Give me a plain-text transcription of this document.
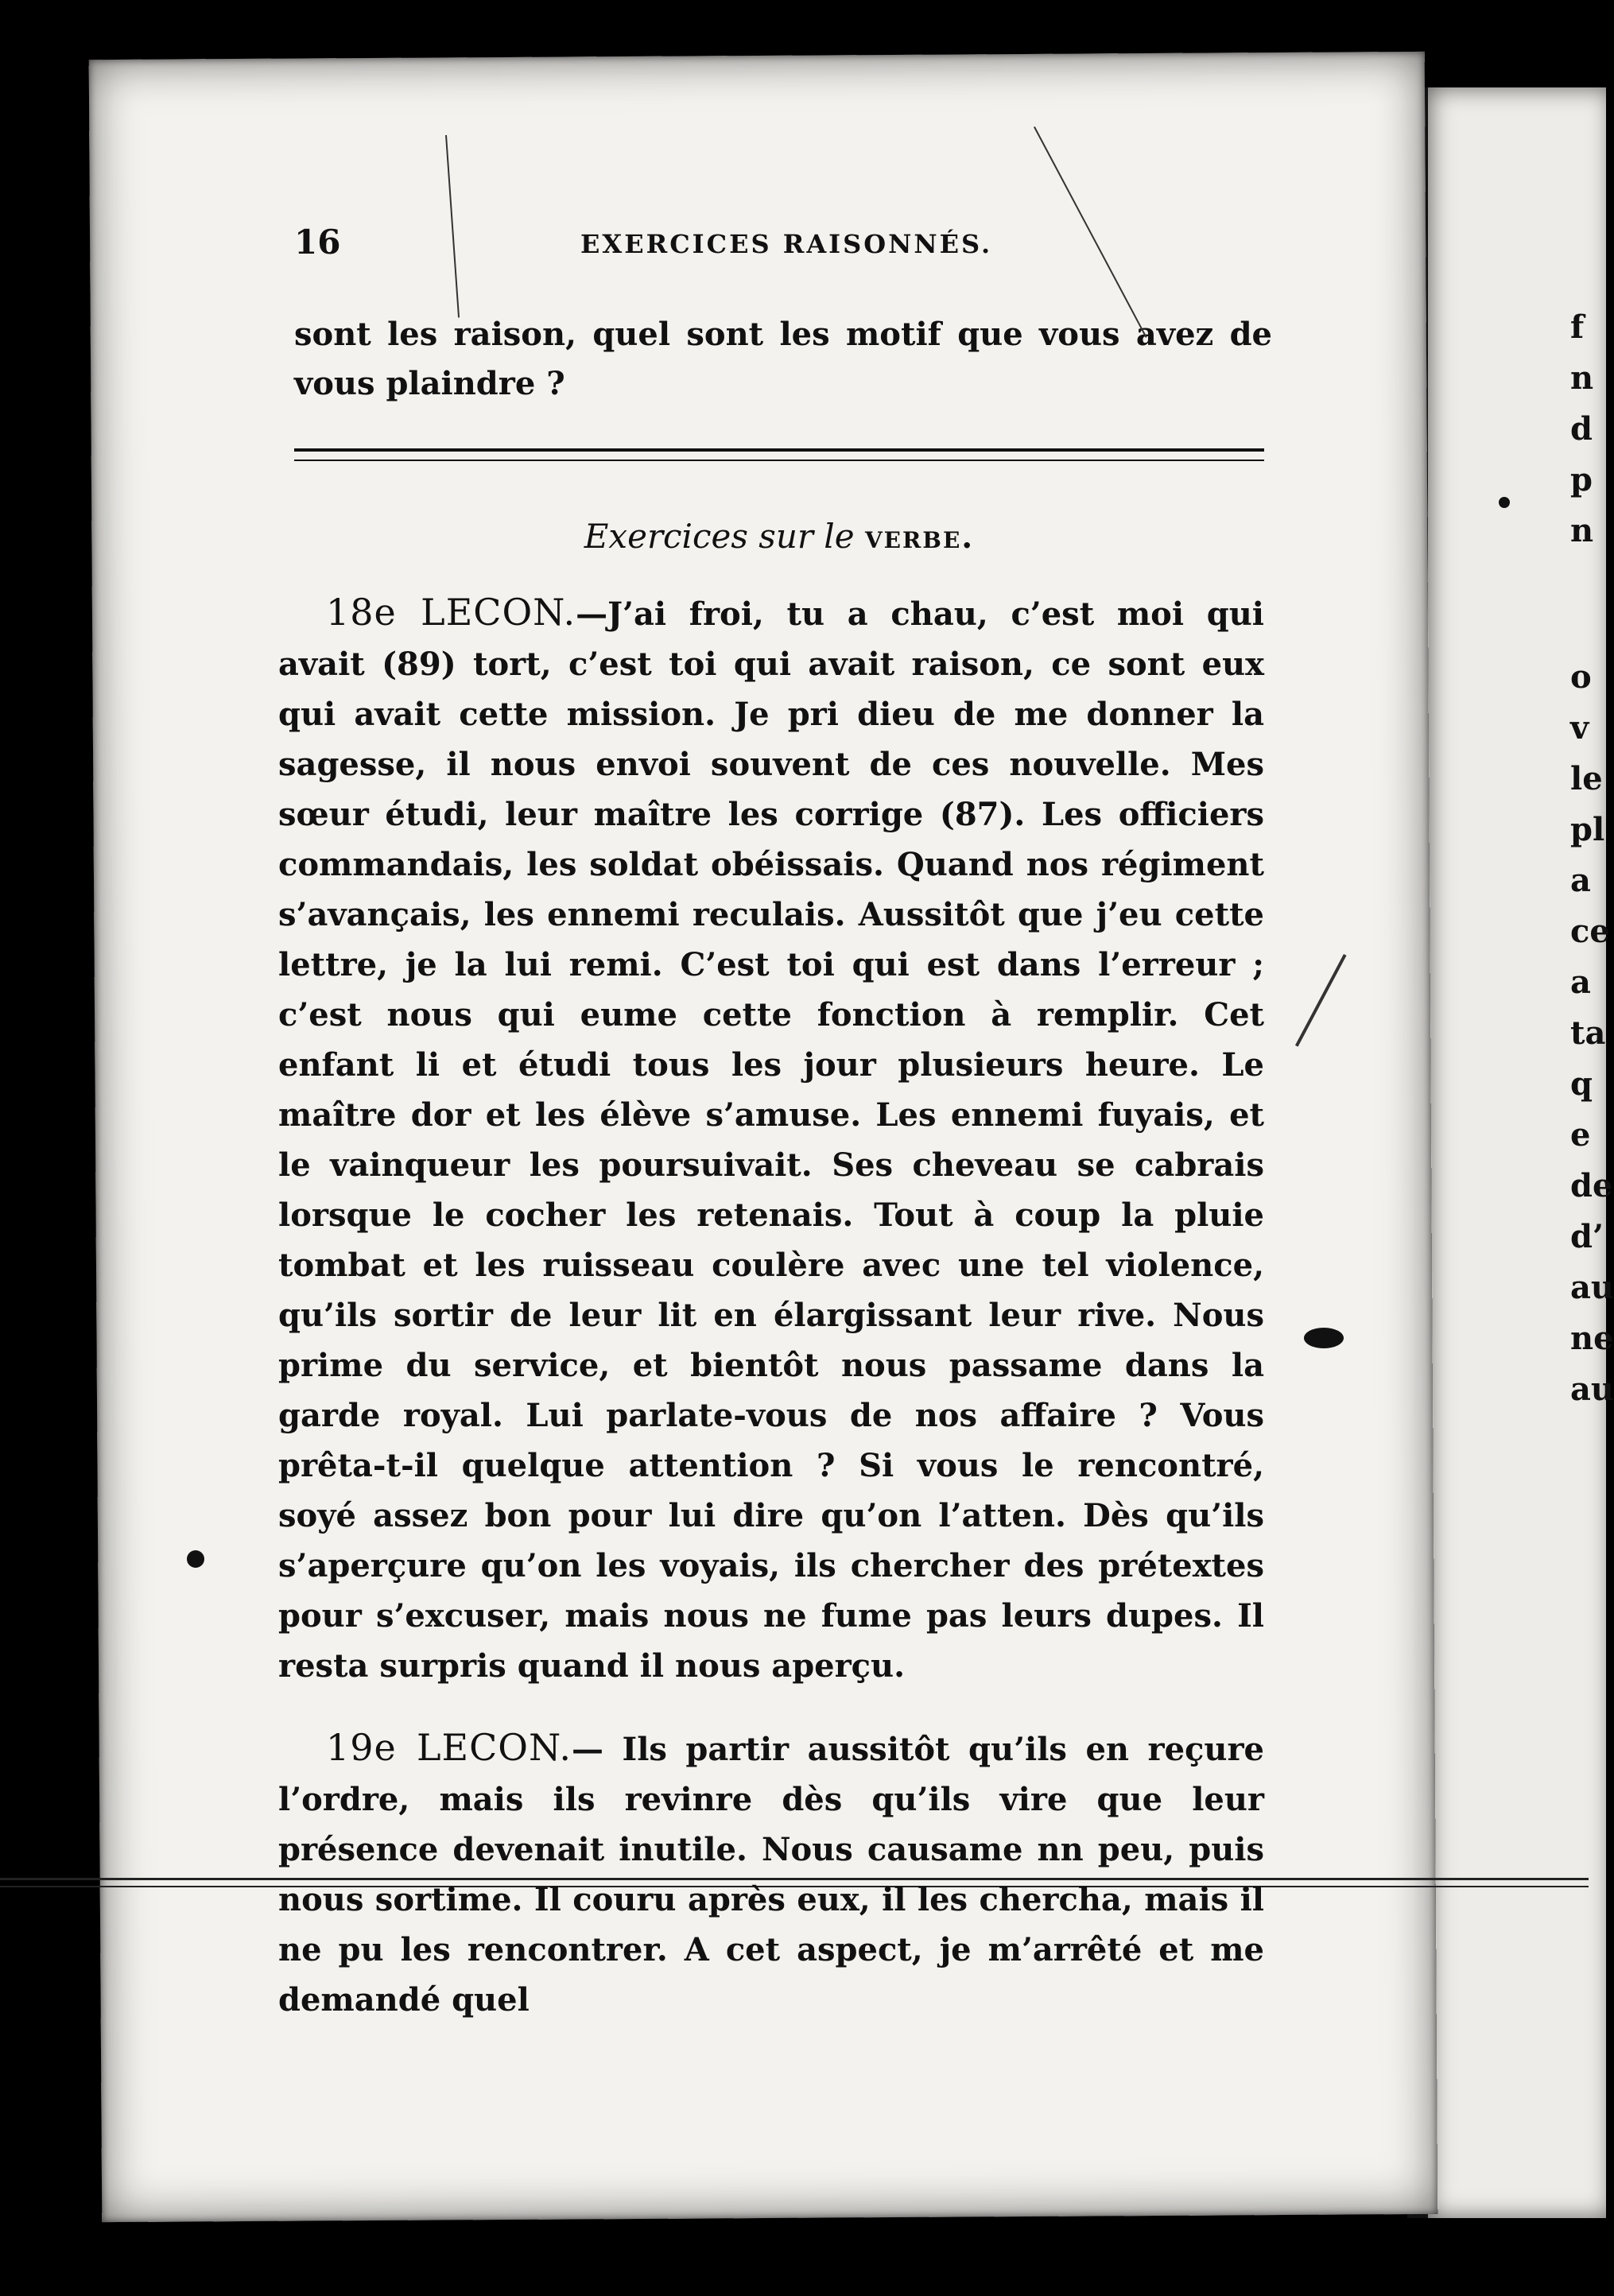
16	EXERCICES RAISONNÉS.

sont les raison, quel sont les motif que vous avez de vous plaindre ?

Exercices sur le verbe.

18e LECON.—J’ai froi, tu a chau, c’est moi qui avait (89) tort, c’est toi qui avait raison, ce sont eux qui avait cette mission. Je pri dieu de me donner la sagesse, il nous envoi souvent de ces nouvelle. Mes sœur étudi, leur maître les corrige (87). Les officiers commandais, les soldat obéissais. Quand nos régiment s’avançais, les ennemi reculais. Aussitôt que j’eu cette lettre, je la lui remi. C’est toi qui est dans l’erreur ; c’est nous qui eume cette fonction à remplir. Cet enfant li et étudi tous les jour plusieurs heure. Le maître dor et les élève s’amuse. Les ennemi fuyais, et le vainqueur les poursuivait. Ses cheveau se cabrais lorsque le cocher les retenais. Tout à coup la pluie tombat et les ruisseau coulère avec une tel violence, qu’ils sortir de leur lit en élargissant leur rive. Nous prime du service, et bientôt nous passame dans la garde royal. Lui parlate-vous de nos affaire ? Vous prêta-t-il quelque attention ? Si vous le rencontré, soyé assez bon pour lui dire qu’on l’atten. Dès qu’ils s’aperçure qu’on les voyais, ils chercher des prétextes pour s’excuser, mais nous ne fume pas leurs dupes. Il resta surpris quand il nous aperçu.

19e LECON.— Ils partir aussitôt qu’ils en reçure l’ordre, mais ils revinre dès qu’ils vire que leur présence devenait inutile. Nous causame nn peu, puis nous sortime. Il couru après eux, il les chercha, mais il ne pu les rencontrer. A cet aspect, je m’arrêté et me demandé quel

f
n
d
p
n
o
v
le
pl
a
ce
a
ta
q
e
de
d’
au
ne
au
